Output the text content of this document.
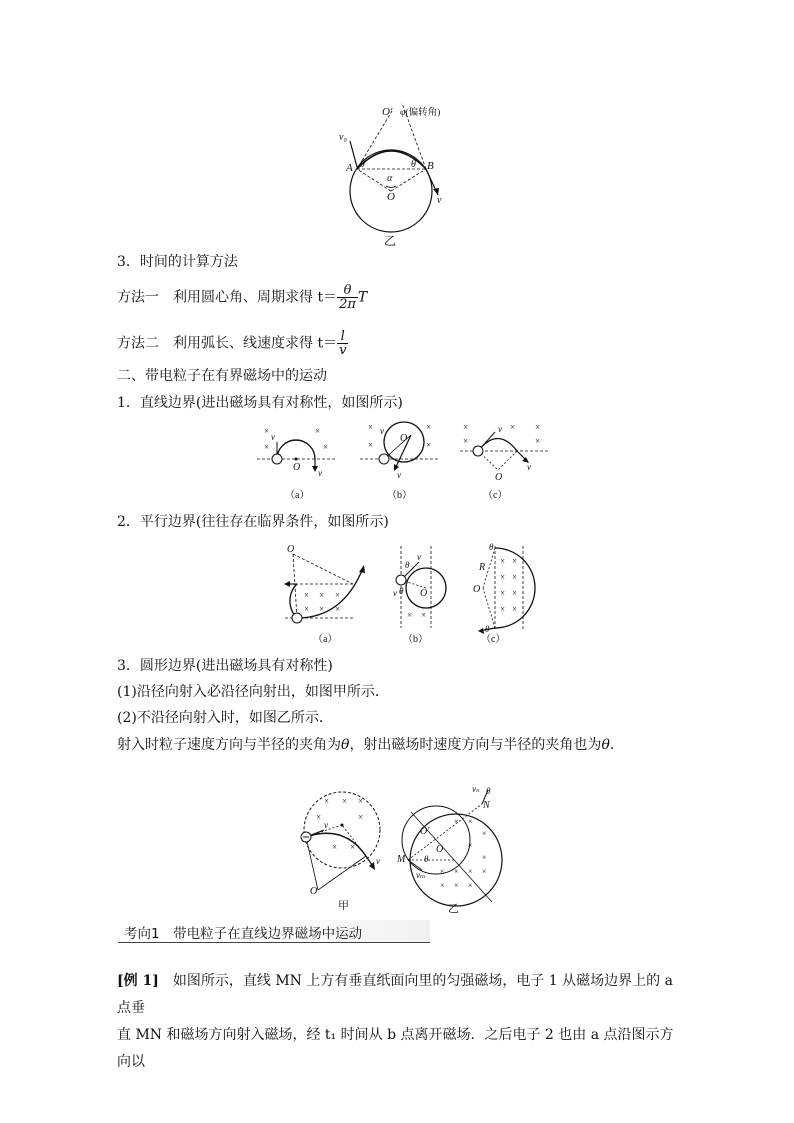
O′ φ(偏转角)
v₀
A θ	θ B
α
O	v
乙
3．时间的计算方法
方法一　利用圆心角、周期求得 $t= \frac{\theta}{2\pi}$ T
方法二　利用弧长、线速度求得 $t= \frac{l}{v}$
二、带电粒子在有界磁场中的运动
1．直线边界(进出磁场具有对称性，如图所示)
×
×
×
×
v
O v
（a）
×
×
×
×
v
O
v
（b）
×
×
× ×
×
v
O
v
（c）
2．平行边界(往往存在临界条件，如图所示)
O
× × ×
× × ×
（a）
θ
v
v θ O
× ×
（b）
θ
R
O
θ
× ×
× ×
× ×
× ×
（c）
3．圆形边界(进出磁场具有对称性)
(1)沿径向射入必沿径向射出，如图甲所示．
(2)不沿径向射入时，如图乙所示．
射入时粒子速度方向与半径的夹角为θ，射出磁场时速度方向与半径的夹角也为θ.
× × ×
×	×
× ×
v
v
O
甲
× ×
×
×
×
× × × ×
× × ×
vₙ θ
N
O′
O
M θ
vₘ
乙
考向1　带电粒子在直线边界磁场中运动
[例 1]　如图所示，直线 MN 上方有垂直纸面向里的匀强磁场，电子 1 从磁场边界上的 a 点垂
直 MN 和磁场方向射入磁场，经 t₁ 时间从 b 点离开磁场．之后电子 2 也由 a 点沿图示方向以
